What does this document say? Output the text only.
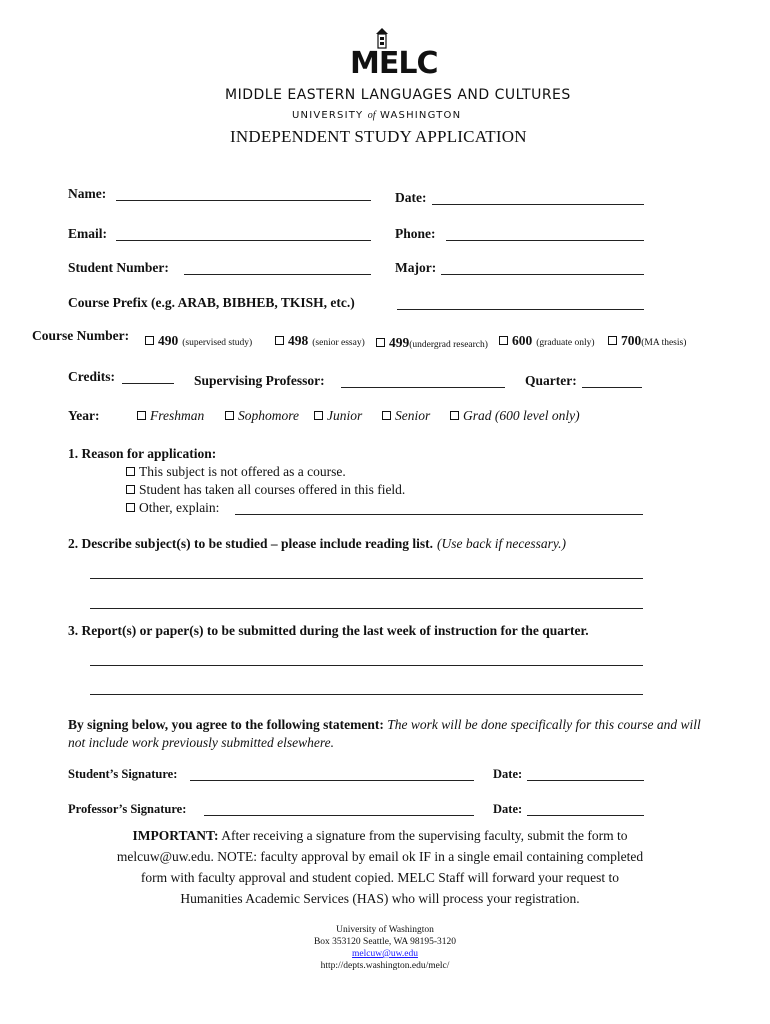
MELC
MIDDLE EASTERN LANGUAGES AND CULTURES
UNIVERSITY of WASHINGTON
INDEPENDENT STUDY APPLICATION
Name:	Date:
Email:	Phone:
Student Number:	Major:
Course Prefix (e.g. ARAB, BIBHEB, TKISH, etc.)
Course Number:	490 (supervised study)	498 (senior essay)	499(undergrad research)	600 (graduate only)	700(MA thesis)
Credits:	Supervising Professor:	Quarter:
Year:	Freshman	Sophomore	Junior	Senior	Grad (600 level only)
1. Reason for application:
This subject is not offered as a course.
Student has taken all courses offered in this field.
Other, explain:
2. Describe subject(s) to be studied – please include reading list. (Use back if necessary.)
3. Report(s) or paper(s) to be submitted during the last week of instruction for the quarter.
By signing below, you agree to the following statement: The work will be done specifically for this course and will
not include work previously submitted elsewhere.
Student’s Signature:	Date:
Professor’s Signature:	Date:
IMPORTANT: After receiving a signature from the supervising faculty, submit the form to
melcuw@uw.edu. NOTE: faculty approval by email ok IF in a single email containing completed
form with faculty approval and student copied. MELC Staff will forward your request to
Humanities Academic Services (HAS) who will process your registration.
University of Washington
Box 353120 Seattle, WA 98195-3120
melcuw@uw.edu
http://depts.washington.edu/melc/
